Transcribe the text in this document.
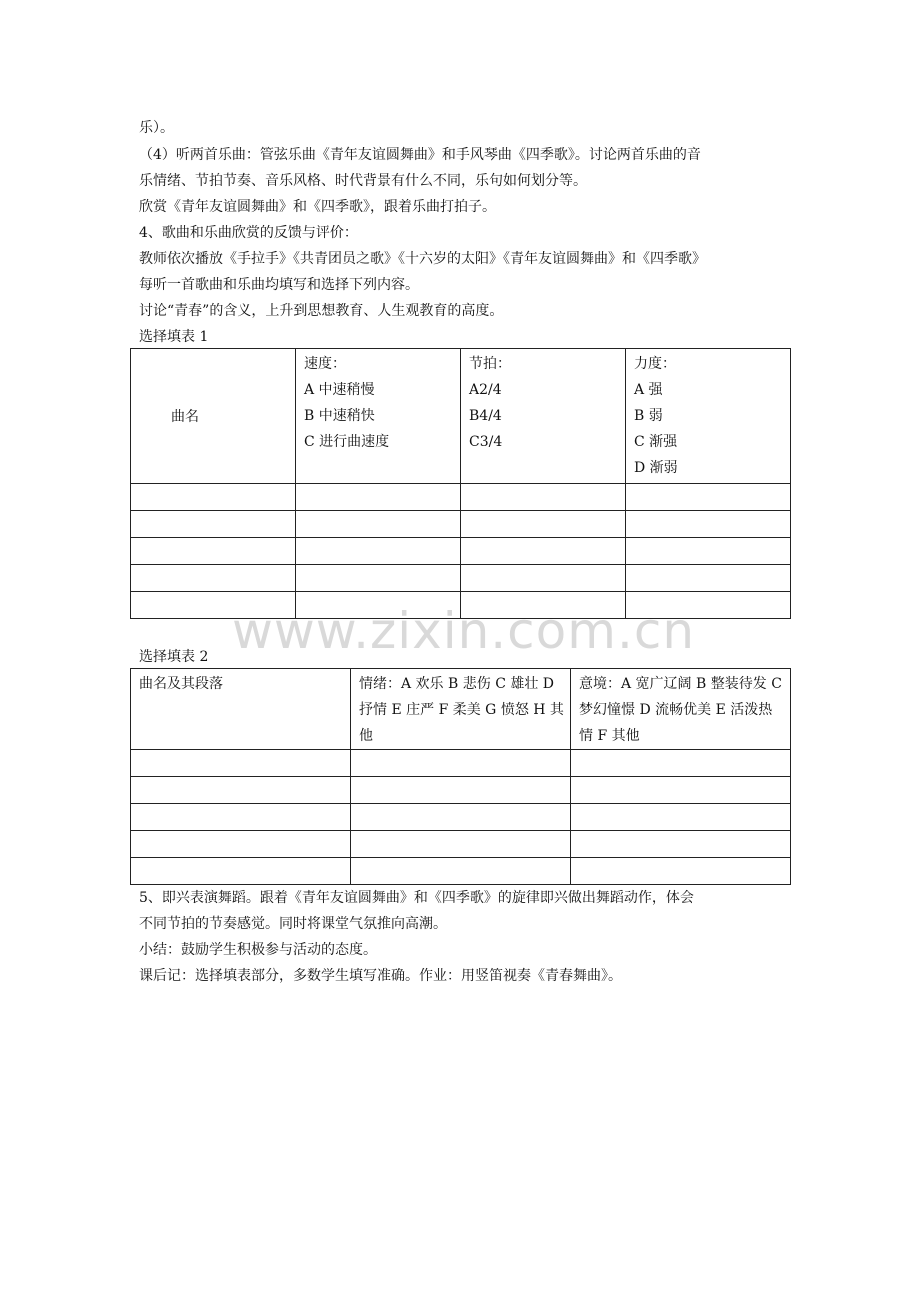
www.zixin.com.cn
乐）。
（4）听两首乐曲：管弦乐曲《青年友谊圆舞曲》和手风琴曲《四季歌》。讨论两首乐曲的音
乐情绪、节拍节奏、音乐风格、时代背景有什么不同，乐句如何划分等。
欣赏《青年友谊圆舞曲》和《四季歌》，跟着乐曲打拍子。
4、歌曲和乐曲欣赏的反馈与评价：
教师依次播放《手拉手》《共青团员之歌》《十六岁的太阳》《青年友谊圆舞曲》和《四季歌》
每听一首歌曲和乐曲均填写和选择下列内容。
讨论“青春”的含义，上升到思想教育、人生观教育的高度。
选择填表 1
曲名	速度：
A 中速稍慢
B 中速稍快
C 进行曲速度	节拍：
A2/4
B4/4
C3/4	力度：
A 强
B 弱
C 渐强
D 渐弱

选择填表 2
曲名及其段落	情绪：A 欢乐 B 悲伤 C 雄壮 D 抒情 E 庄严 F 柔美 G 愤怒 H 其他	意境：A 宽广辽阔 B 整装待发 C 梦幻憧憬 D 流畅优美 E 活泼热情 F 其他

5、即兴表演舞蹈。跟着《青年友谊圆舞曲》和《四季歌》的旋律即兴做出舞蹈动作，体会
不同节拍的节奏感觉。同时将课堂气氛推向高潮。
小结：鼓励学生积极参与活动的态度。
课后记：选择填表部分，多数学生填写准确。作业：用竖笛视奏《青春舞曲》。
